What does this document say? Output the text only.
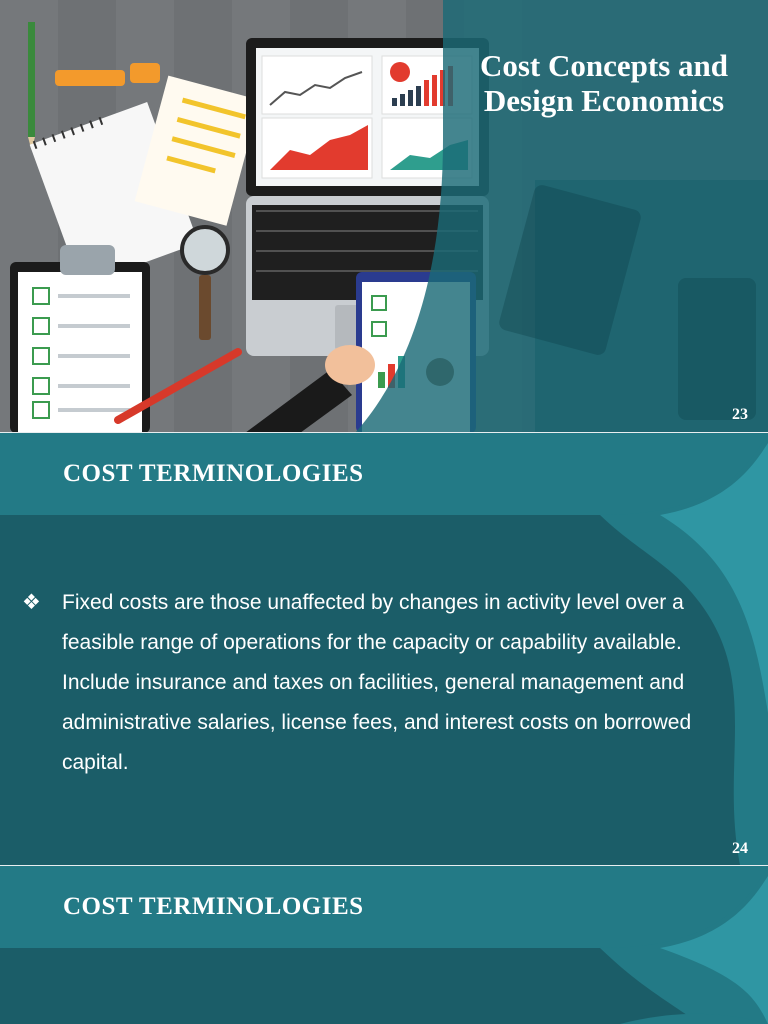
Cost Concepts and Design Economics
23
COST TERMINOLOGIES
❖ Fixed costs are those unaffected by changes in activity level over a feasible range of operations for the capacity or capability available. Include insurance and taxes on facilities, general management and administrative salaries, license fees, and interest costs on borrowed capital.
24
COST TERMINOLOGIES
